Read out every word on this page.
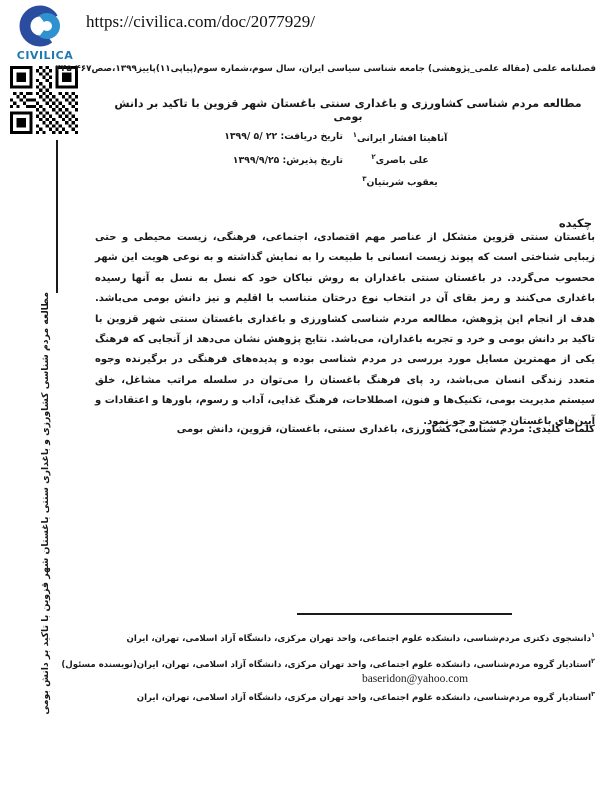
CIVILICA
https://civilica.com/doc/2077929/
فصلنامه علمی (مقاله علمی_پژوهشی) جامعه شناسی سیاسی ایران، سال سوم،شماره سوم(پیاپی۱۱)پاییز۱۳۹۹،صص۴۶۷-۴۴۵
مطالعه مردم شناسی کشاورزی و باغداری سنتی باغستان شهر قزوین با تاکید بر دانش بومی
تاریخ دریافت: ۲۲ /۵ /۱۳۹۹
تاریخ پذیرش: ۱۳۹۹/۹/۲۵
آناهیتا افشار ایرانی$^۱$
علی باصری$^۲$
یعقوب شربتیان$^۳$
مطالعه مردم شناسی کشاورزی و باغداری سنتی باغستان شهر قزوین با تاکید بر دانش بومی
چکیده
باغستان سنتی قزوین متشکل از عناصر مهم اقتصادی، اجتماعی، فرهنگی، زیست محیطی و حتی زیبایی شناختی است که پیوند زیست انسانی با طبیعت را به نمایش گذاشته و به نوعی هویت این شهر محسوب می‌گردد. در باغستان سنتی باغداران به روش نیاکان خود که نسل به نسل به آنها رسیده باغداری می‌کنند و رمز بقای آن در انتخاب نوع درختان متناسب با اقلیم و نیز دانش بومی می‌باشد. هدف از انجام این پژوهش، مطالعه مردم شناسی کشاورزی و باغداری باغستان سنتی شهر قزوین با تاکید بر دانش بومی و خرد و تجربه باغداران، می‌باشد. نتایج پژوهش نشان می‌دهد از آنجایی که فرهنگ یکی از مهمترین مسایل مورد بررسی در مردم شناسی بوده و پدیده‌های فرهنگی در برگیرنده وجوه متعدد زندگی انسان می‌باشد، رد پای فرهنگ باغستان را می‌توان در سلسله مراتب مشاغل، خلق سیستم مدیریت بومی، تکنیک‌ها و فنون، اصطلاحات، فرهنگ غذایی، آداب و رسوم، باورها و اعتقادات و آیین‌های باغستان جست و جو نمود.
کلمات کلیدی: مردم شناسی، کشاورزی، باغداری سنتی، باغستان، قزوین، دانش بومی
$^۱$دانشجوی دکتری مردم‌شناسی، دانشکده علوم اجتماعی، واحد تهران مرکزی، دانشگاه آزاد اسلامی، تهران، ایران
$^۲$استادیار گروه مردم‌شناسی، دانشکده علوم اجتماعی، واحد تهران مرکزی، دانشگاه آزاد اسلامی، تهران، ایران(نویسنده مسئول)
baseridon@yahoo.com
$^۳$استادیار گروه مردم‌شناسی، دانشکده علوم اجتماعی، واحد تهران مرکزی، دانشگاه آزاد اسلامی، تهران، ایران
